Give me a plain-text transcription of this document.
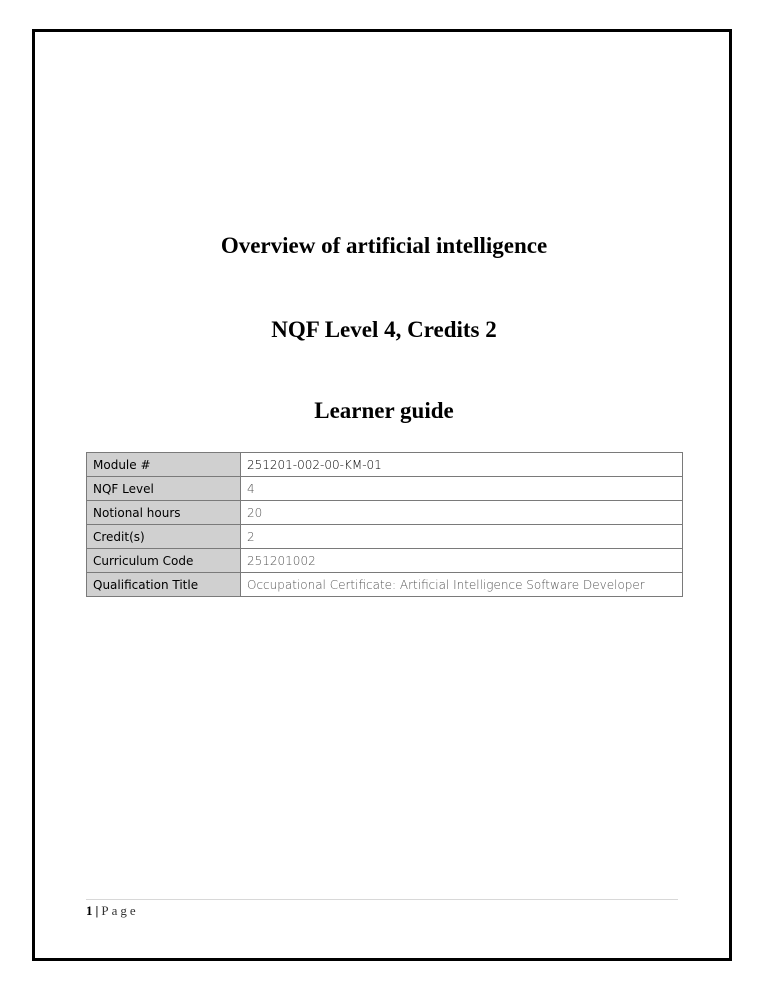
Overview of artificial intelligence
NQF Level 4, Credits 2
Learner guide
Module #	251201-002-00-KM-01
NQF Level	4
Notional hours	20
Credit(s)	2
Curriculum Code	251201002
Qualification Title	Occupational Certificate: Artificial Intelligence Software Developer
1 | Page
